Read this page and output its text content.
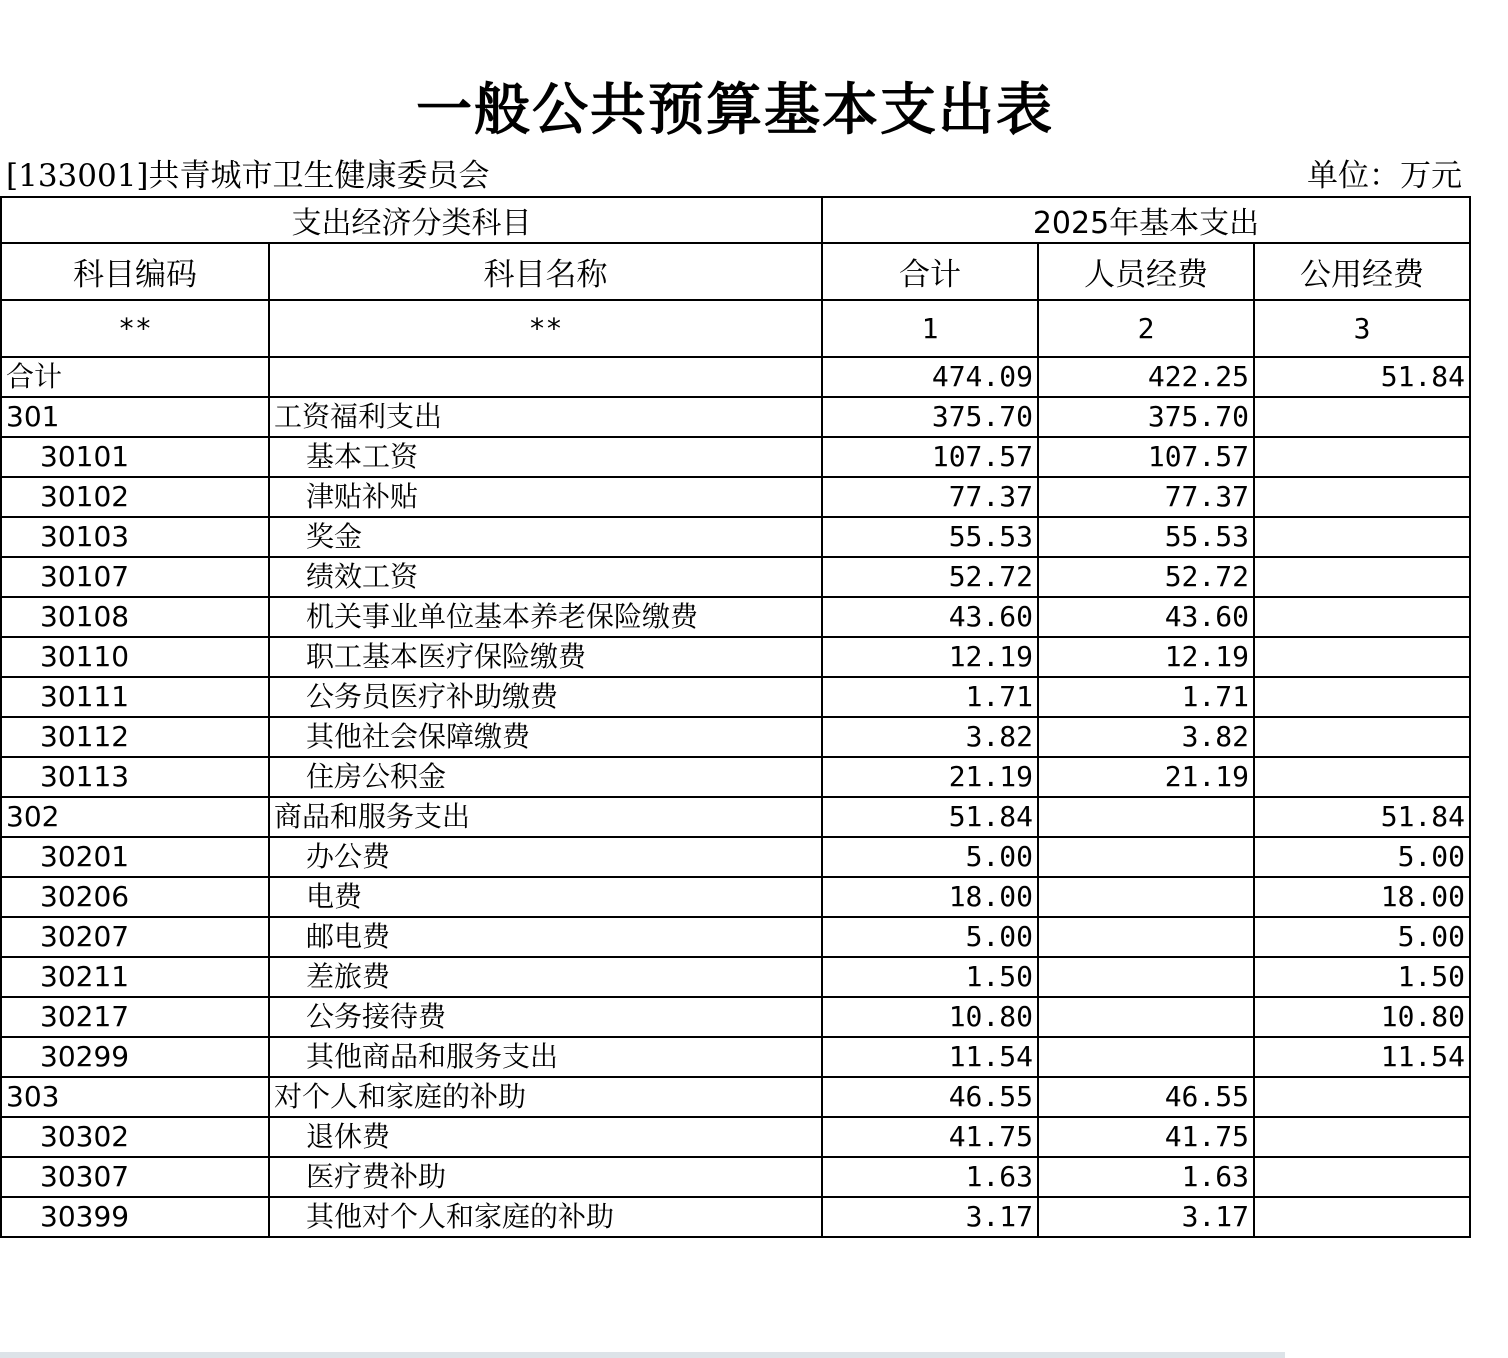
一般公共预算基本支出表
[133001]共青城市卫生健康委员会	单位：万元
支出经济分类科目		2025年基本支出		
科目编码	科目名称	合计	人员经费	公用经费
**	**	1	2	3
合计		474.09	422.25	51.84
301	工资福利支出	375.70	375.70	
30101	基本工资	107.57	107.57	
30102	津贴补贴	77.37	77.37	
30103	奖金	55.53	55.53	
30107	绩效工资	52.72	52.72	
30108	机关事业单位基本养老保险缴费	43.60	43.60	
30110	职工基本医疗保险缴费	12.19	12.19	
30111	公务员医疗补助缴费	1.71	1.71	
30112	其他社会保障缴费	3.82	3.82	
30113	住房公积金	21.19	21.19	
302	商品和服务支出	51.84		51.84
30201	办公费	5.00		5.00
30206	电费	18.00		18.00
30207	邮电费	5.00		5.00
30211	差旅费	1.50		1.50
30217	公务接待费	10.80		10.80
30299	其他商品和服务支出	11.54		11.54
303	对个人和家庭的补助	46.55	46.55	
30302	退休费	41.75	41.75	
30307	医疗费补助	1.63	1.63	
30399	其他对个人和家庭的补助	3.17	3.17	
